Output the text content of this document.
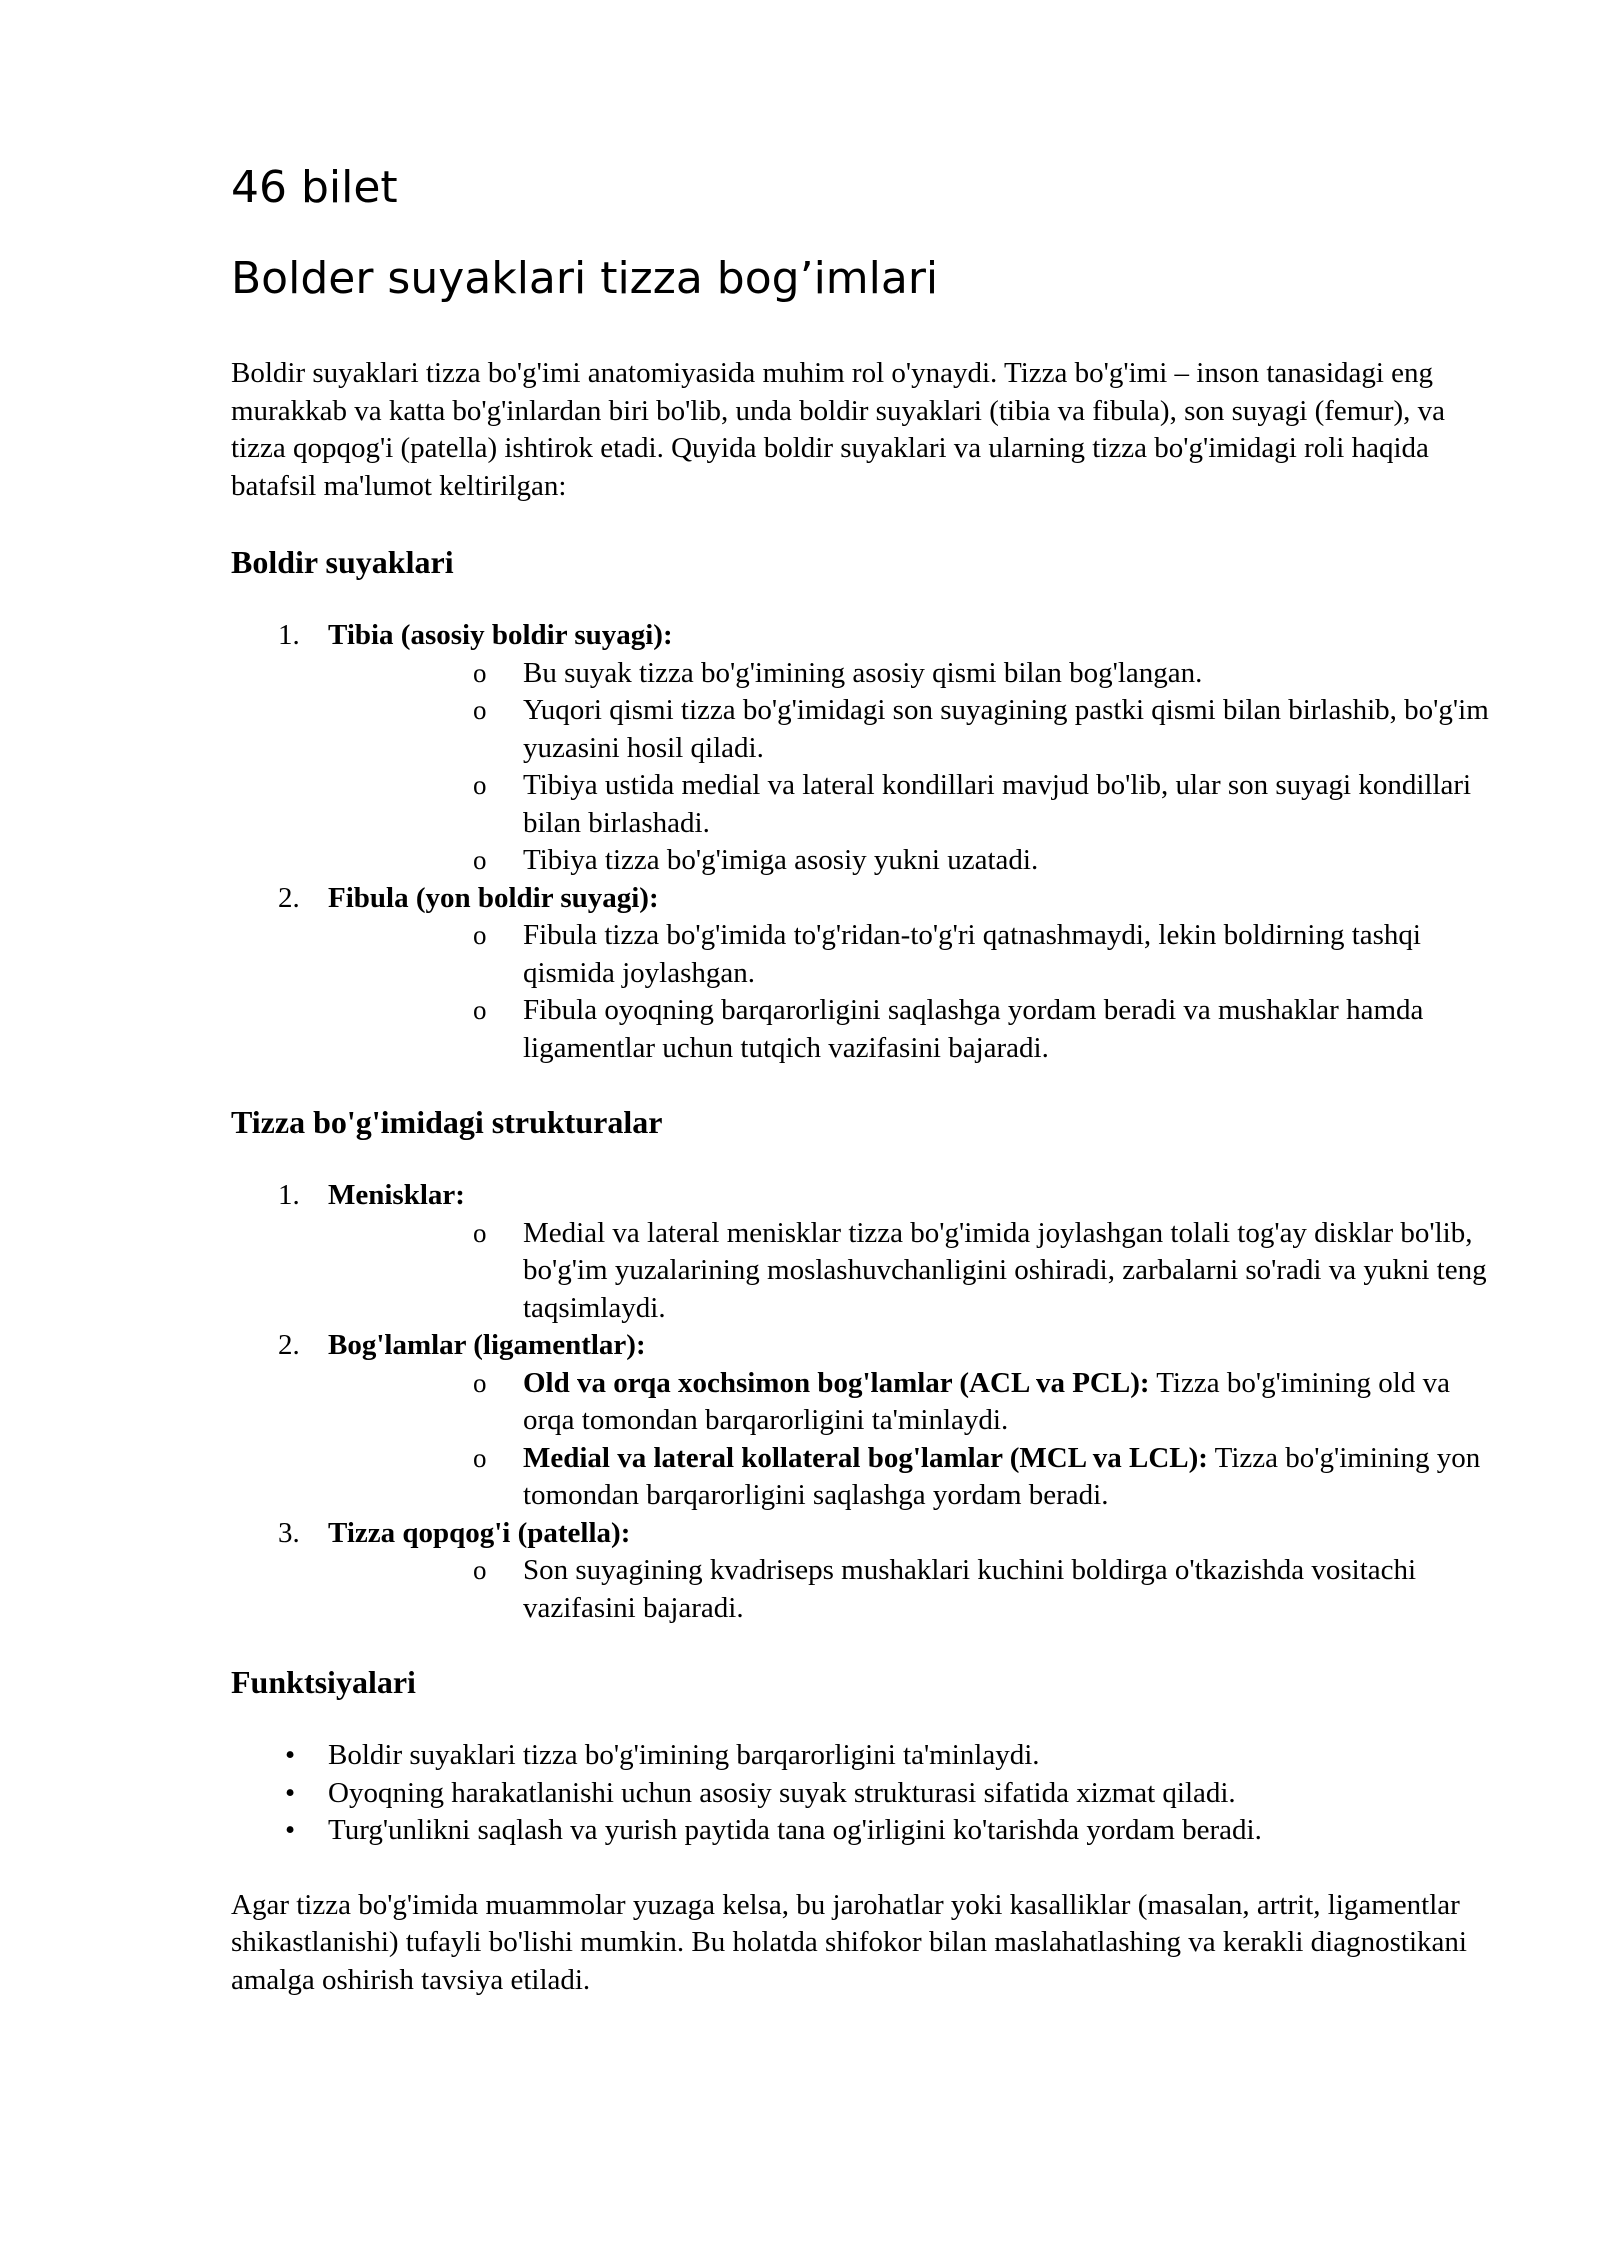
46 bilet
Bolder suyaklari tizza bog’imlari

Boldir suyaklari tizza bo'g'imi anatomiyasida muhim rol o'ynaydi. Tizza bo'g'imi – inson tanasidagi eng murakkab va katta bo'g'inlardan biri bo'lib, unda boldir suyaklari (tibia va fibula), son suyagi (femur), va tizza qopqog'i (patella) ishtirok etadi. Quyida boldir suyaklari va ularning tizza bo'g'imidagi roli haqida batafsil ma'lumot keltirilgan:

Boldir suyaklari
1. Tibia (asosiy boldir suyagi):
o Bu suyak tizza bo'g'imining asosiy qismi bilan bog'langan.
o Yuqori qismi tizza bo'g'imidagi son suyagining pastki qismi bilan birlashib, bo'g'im yuzasini hosil qiladi.
o Tibiya ustida medial va lateral kondillari mavjud bo'lib, ular son suyagi kondillari bilan birlashadi.
o Tibiya tizza bo'g'imiga asosiy yukni uzatadi.
2. Fibula (yon boldir suyagi):
o Fibula tizza bo'g'imida to'g'ridan-to'g'ri qatnashmaydi, lekin boldirning tashqi qismida joylashgan.
o Fibula oyoqning barqarorligini saqlashga yordam beradi va mushaklar hamda ligamentlar uchun tutqich vazifasini bajaradi.
Tizza bo'g'imidagi strukturalar
1. Menisklar:
o Medial va lateral menisklar tizza bo'g'imida joylashgan tolali tog'ay disklar bo'lib, bo'g'im yuzalarining moslashuvchanligini oshiradi, zarbalarni so'radi va yukni teng taqsimlaydi.
2. Bog'lamlar (ligamentlar):
o Old va orqa xochsimon bog'lamlar (ACL va PCL): Tizza bo'g'imining old va orqa tomondan barqarorligini ta'minlaydi.
o Medial va lateral kollateral bog'lamlar (MCL va LCL): Tizza bo'g'imining yon tomondan barqarorligini saqlashga yordam beradi.
3. Tizza qopqog'i (patella):
o Son suyagining kvadriseps mushaklari kuchini boldirga o'tkazishda vositachi vazifasini bajaradi.
Funktsiyalari
• Boldir suyaklari tizza bo'g'imining barqarorligini ta'minlaydi.
• Oyoqning harakatlanishi uchun asosiy suyak strukturasi sifatida xizmat qiladi.
• Turg'unlikni saqlash va yurish paytida tana og'irligini ko'tarishda yordam beradi.

Agar tizza bo'g'imida muammolar yuzaga kelsa, bu jarohatlar yoki kasalliklar (masalan, artrit, ligamentlar shikastlanishi) tufayli bo'lishi mumkin. Bu holatda shifokor bilan maslahatlashing va kerakli diagnostikani amalga oshirish tavsiya etiladi.
